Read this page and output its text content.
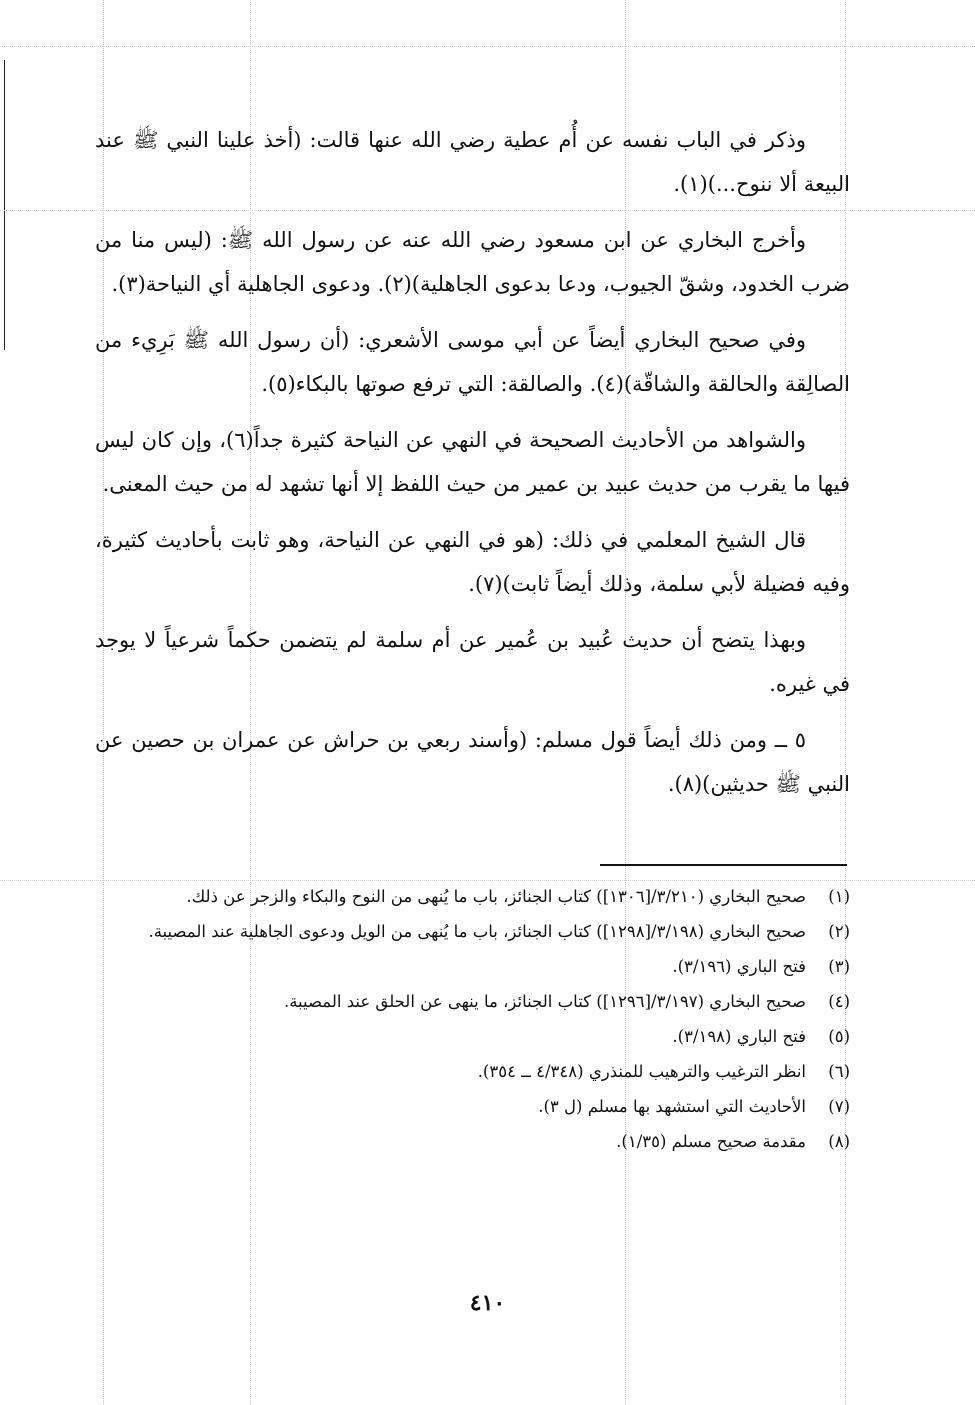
وذكر في الباب نفسه عن أُم عطية رضي الله عنها قالت: (أخذ علينا النبي ﷺ عند البيعة ألا ننوح...)(١).

وأخرج البخاري عن ابن مسعود رضي الله عنه عن رسول الله ﷺ: (ليس منا من ضرب الخدود، وشقّ الجيوب، ودعا بدعوى الجاهلية)(٢). ودعوى الجاهلية أي النياحة(٣).

وفي صحيح البخاري أيضاً عن أبي موسى الأشعري: (أن رسول الله ﷺ بَرِيء من الصالِقة والحالقة والشاقّة)(٤). والصالقة: التي ترفع صوتها بالبكاء(٥).

والشواهد من الأحاديث الصحيحة في النهي عن النياحة كثيرة جداً(٦)، وإن كان ليس فيها ما يقرب من حديث عبيد بن عمير من حيث اللفظ إلا أنها تشهد له من حيث المعنى.

قال الشيخ المعلمي في ذلك: (هو في النهي عن النياحة، وهو ثابت بأحاديث كثيرة، وفيه فضيلة لأبي سلمة، وذلك أيضاً ثابت)(٧).

وبهذا يتضح أن حديث عُبيد بن عُمير عن أم سلمة لم يتضمن حكماً شرعياً لا يوجد في غيره.

٥ ــ ومن ذلك أيضاً قول مسلم: (وأسند ربعي بن حراش عن عمران بن حصين عن النبي ﷺ حديثين)(٨).

(١)
صحيح البخاري (٣/٢١٠/[١٣٠٦]) كتاب الجنائز، باب ما يُنهى من النوح والبكاء والزجر عن ذلك.
(٢)
صحيح البخاري (٣/١٩٨/[١٢٩٨]) كتاب الجنائز، باب ما يُنهى من الويل ودعوى الجاهلية عند المصيبة.
(٣)
فتح الباري (٣/١٩٦).
(٤)
صحيح البخاري (٣/١٩٧/[١٢٩٦]) كتاب الجنائز، ما ينهى عن الحلق عند المصيبة.
(٥)
فتح الباري (٣/١٩٨).
(٦)
انظر الترغيب والترهيب للمنذري (٤/٣٤٨ ــ ٣٥٤).
(٧)
الأحاديث التي استشهد بها مسلم (ل ٣).
(٨)
مقدمة صحيح مسلم (١/٣٥).
٤١٠
